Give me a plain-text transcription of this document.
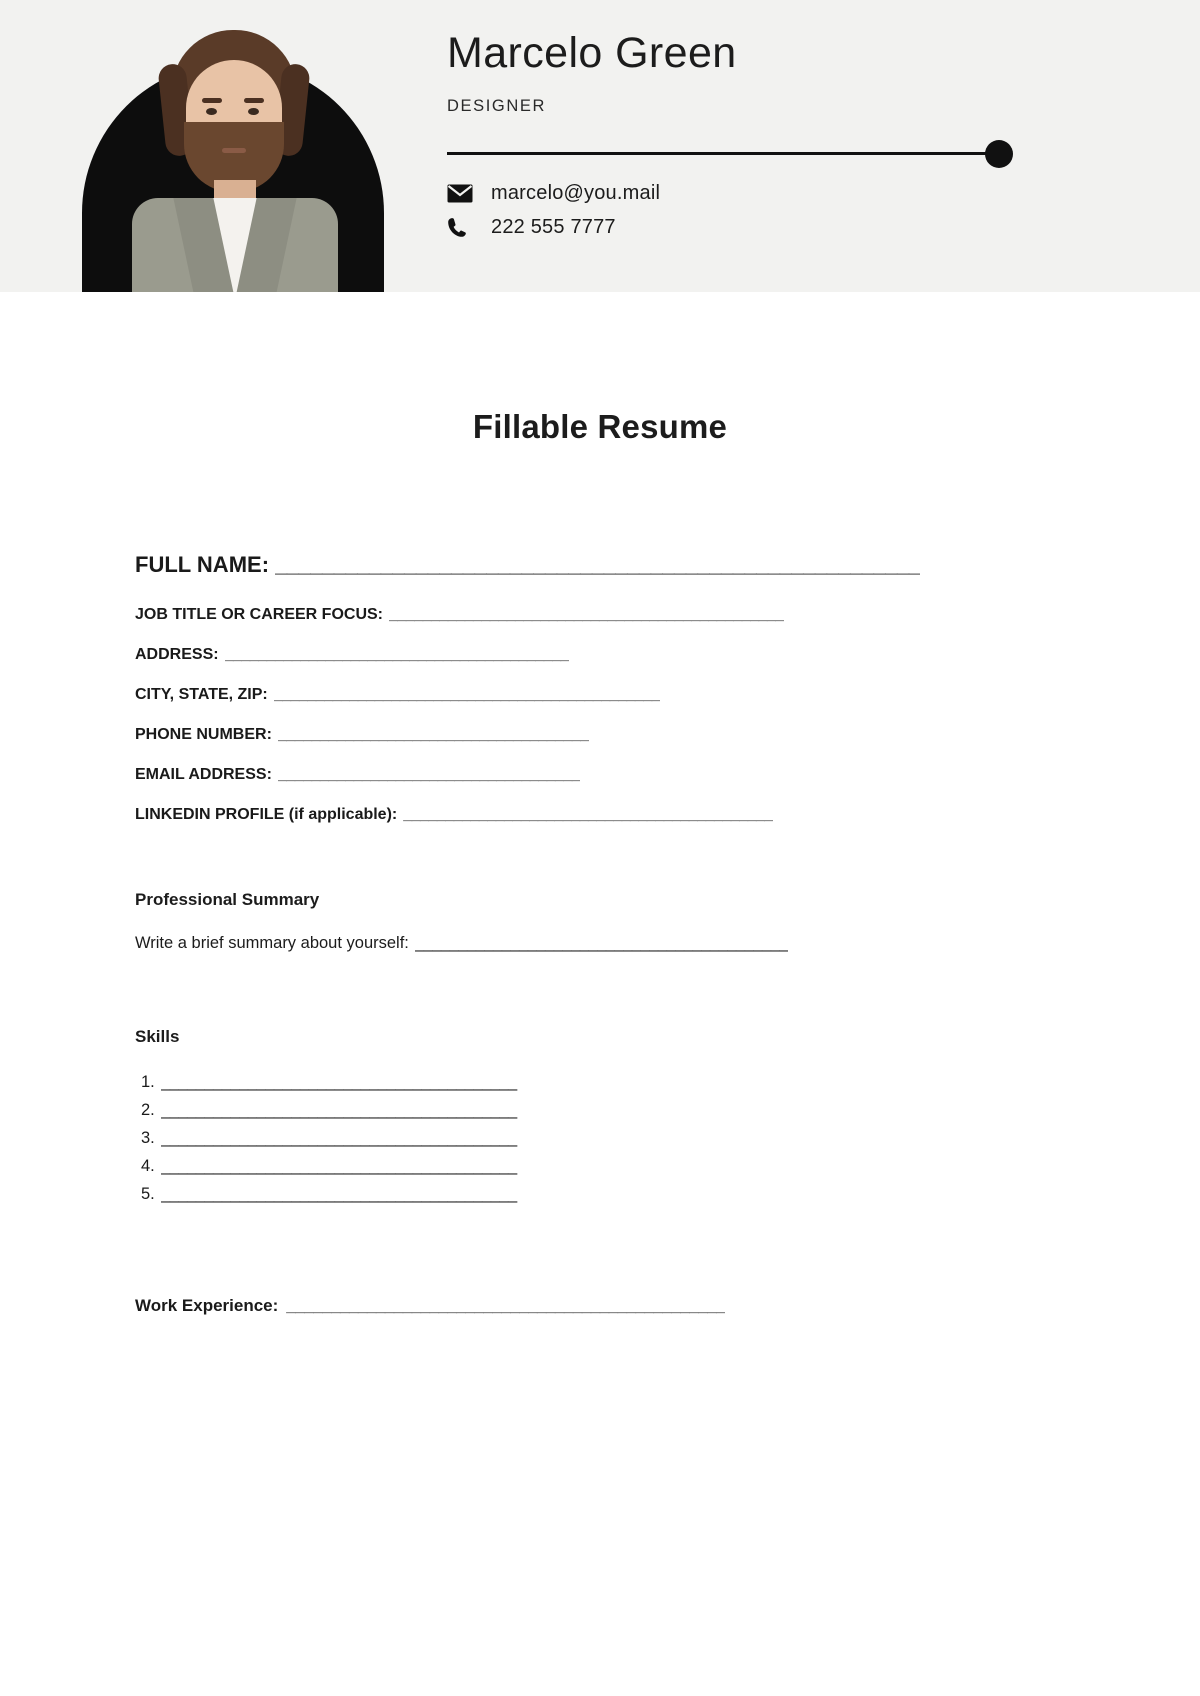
Marcelo Green
DESIGNER
marcelo@you.mail
222 555 7777
Fillable Resume
FULL NAME: _______________________________________________________
JOB TITLE OR CAREER FOCUS: _______________________________________________
ADDRESS: _________________________________________
CITY, STATE, ZIP: ______________________________________________
PHONE NUMBER: _____________________________________
EMAIL ADDRESS: ____________________________________
LINKEDIN PROFILE (if applicable): ____________________________________________
Professional Summary
Write a brief summary about yourself: ___________________________________________
Skills
1. _________________________________________
2. _________________________________________
3. _________________________________________
4. _________________________________________
5. _________________________________________
Work Experience: _________________________________________________
